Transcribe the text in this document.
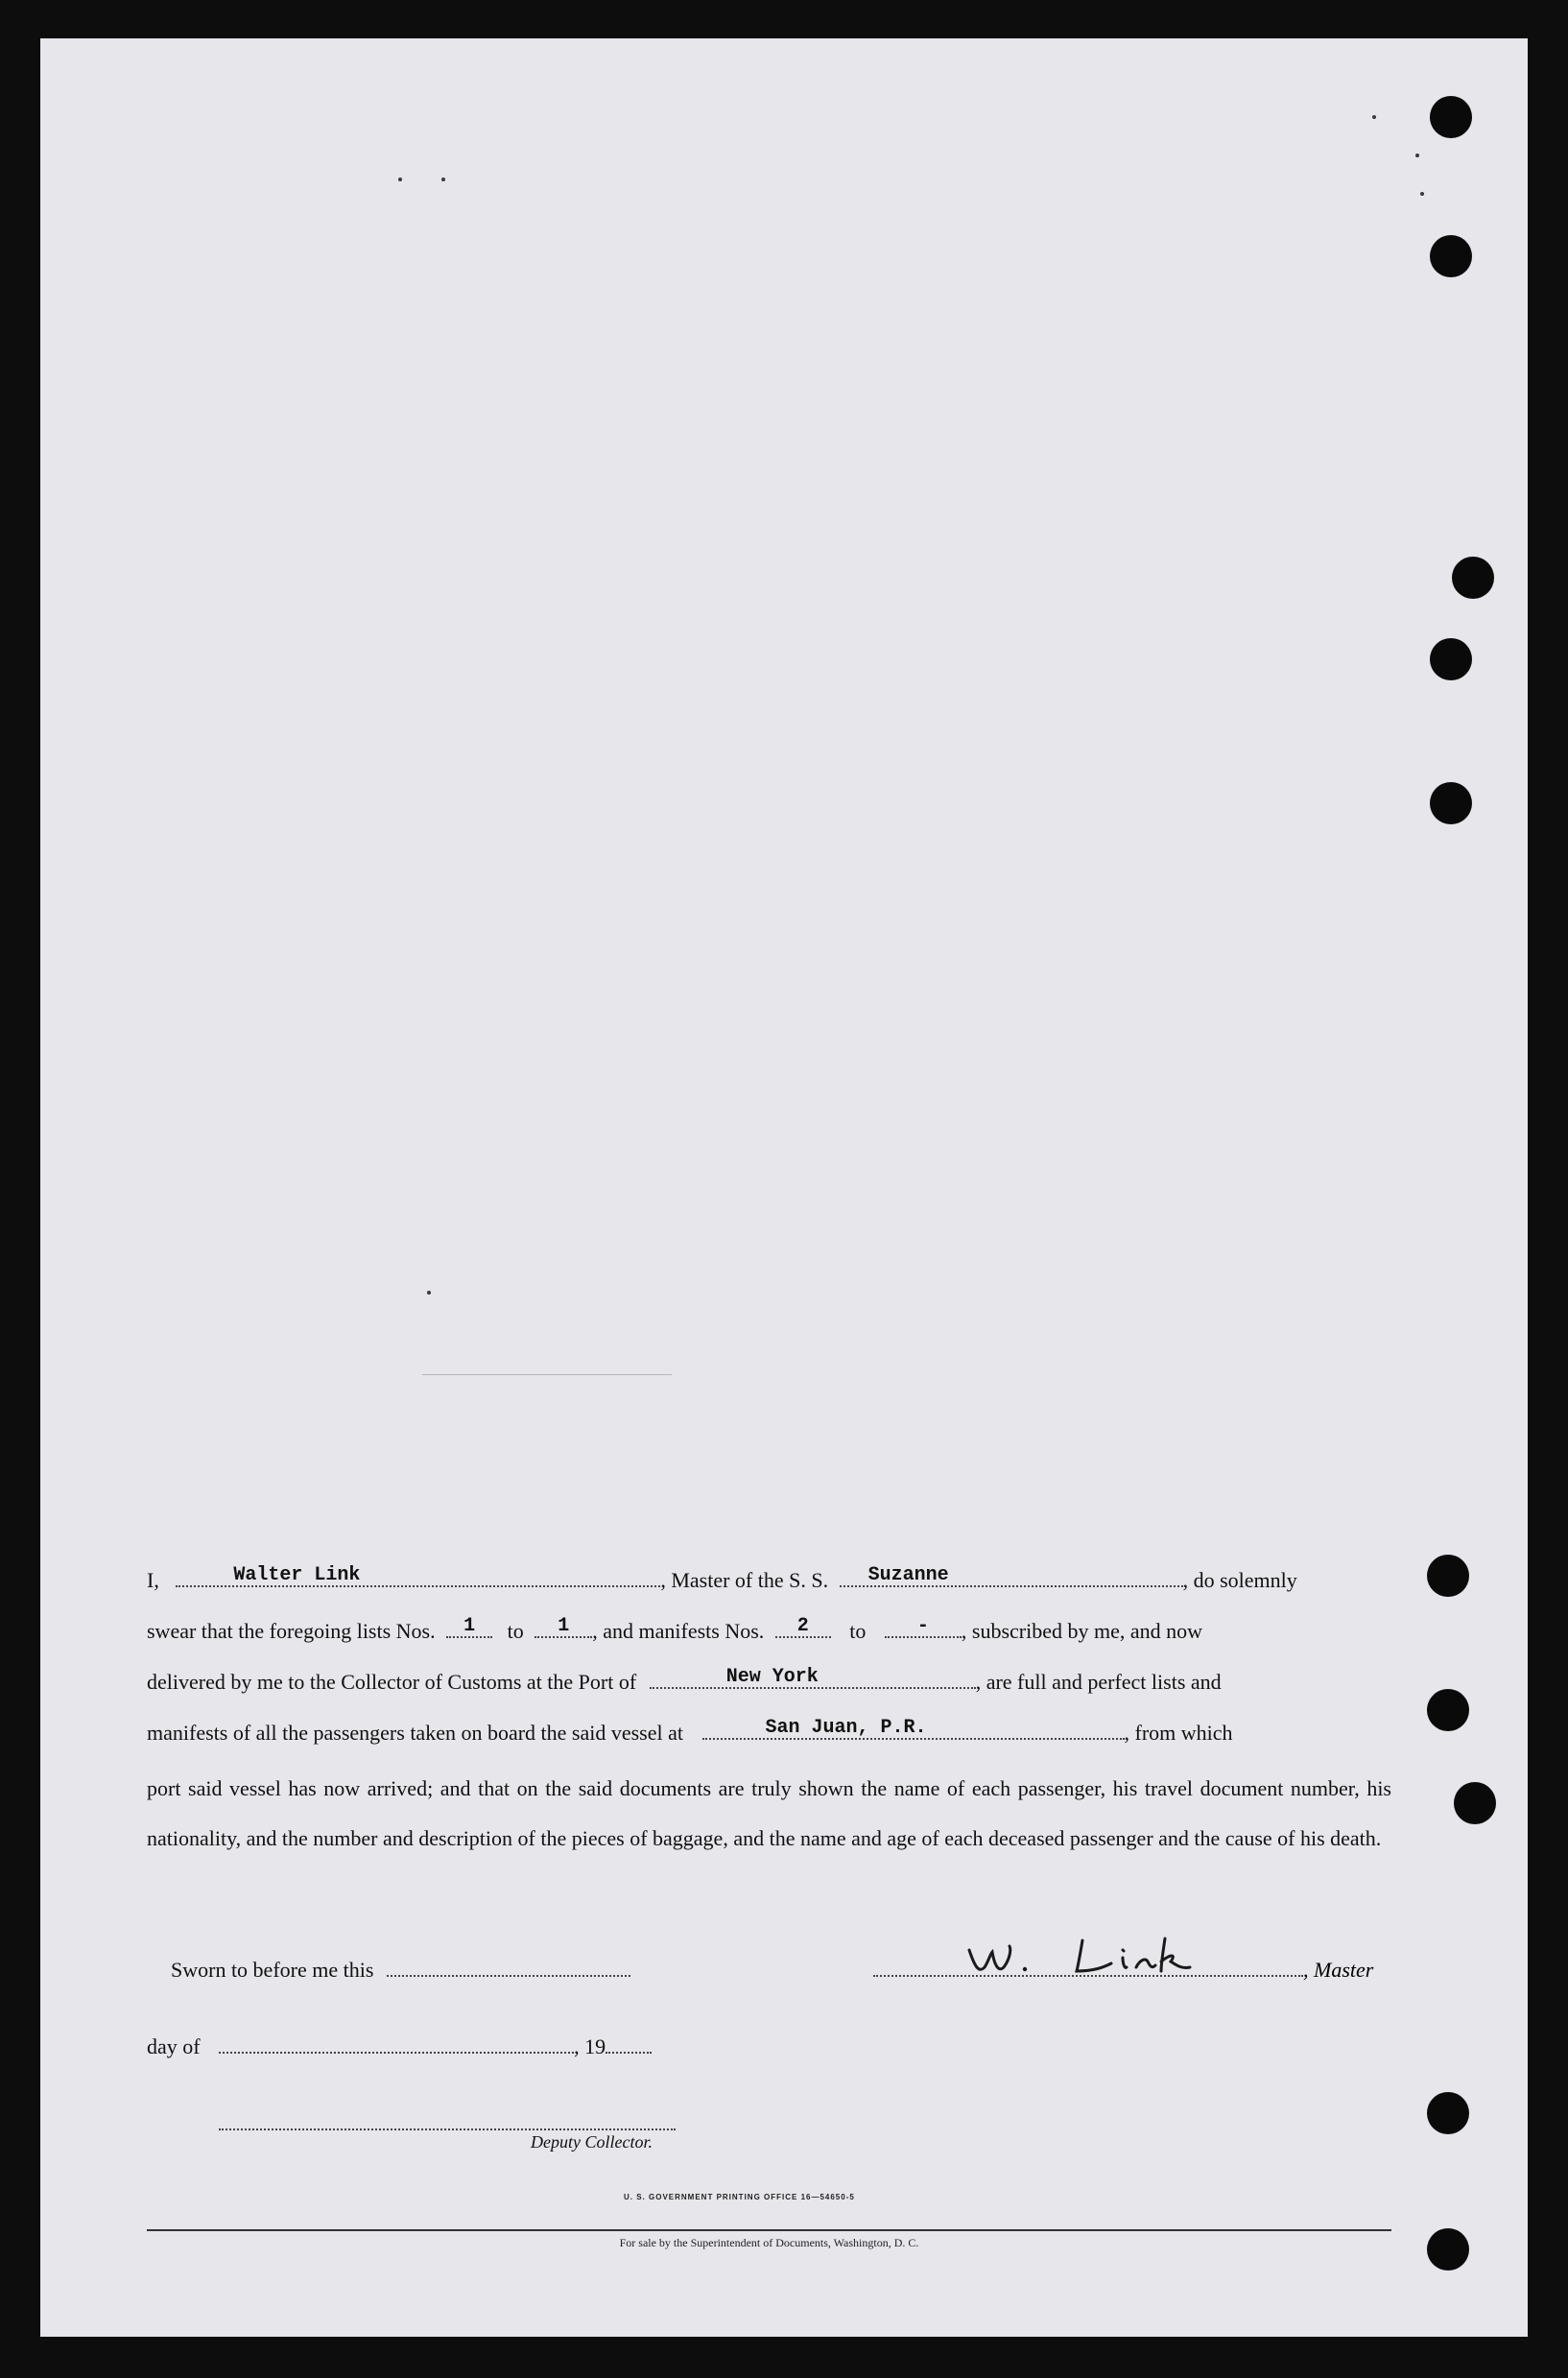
I,	Walter Link	, Master of the S. S. Suzanne	, do solemnly
swear that the foregoing lists Nos.	1	to	1	, and manifests Nos.	2	to	-	, subscribed by me, and now
delivered by me to the Collector of Customs at the Port of	New York	, are full and perfect lists and
manifests of all the passengers taken on board the said vessel at	San Juan, P.R.	, from which
port said vessel has now arrived; and that on the said documents are truly shown the name of each passenger, his travel document number, his nationality, and the number and description of the pieces of baggage, and the name and age of each deceased passenger and the cause of his death.
Sworn to before me this	, Master
day of	, 19
Deputy Collector.
U. S. GOVERNMENT PRINTING OFFICE 16—54650-5
For sale by the Superintendent of Documents, Washington, D. C.
